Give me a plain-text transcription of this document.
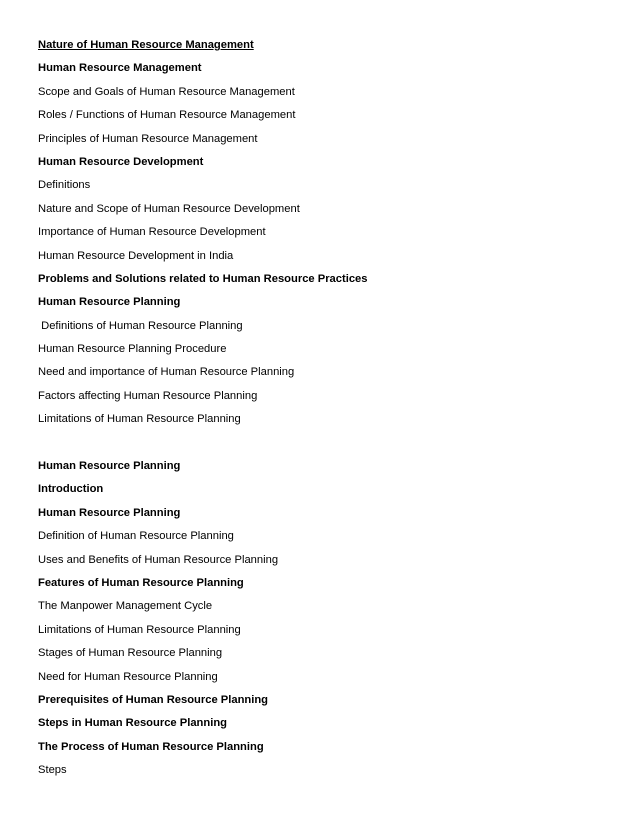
Nature of Human Resource Management
Human Resource Management
Scope and Goals of Human Resource Management
Roles / Functions of Human Resource Management
Principles of Human Resource Management
Human Resource Development
Definitions
Nature and Scope of Human Resource Development
Importance of Human Resource Development
Human Resource Development in India
Problems and Solutions related to Human Resource Practices
Human Resource Planning
Definitions of Human Resource Planning
Human Resource Planning Procedure
Need and importance of Human Resource Planning
Factors affecting Human Resource Planning
Limitations of Human Resource Planning
Human Resource Planning
Introduction
Human Resource Planning
Definition of Human Resource Planning
Uses and Benefits of Human Resource Planning
Features of Human Resource Planning
The Manpower Management Cycle
Limitations of Human Resource Planning
Stages of Human Resource Planning
Need for Human Resource Planning
Prerequisites of Human Resource Planning
Steps in Human Resource Planning
The Process of Human Resource Planning
Steps
